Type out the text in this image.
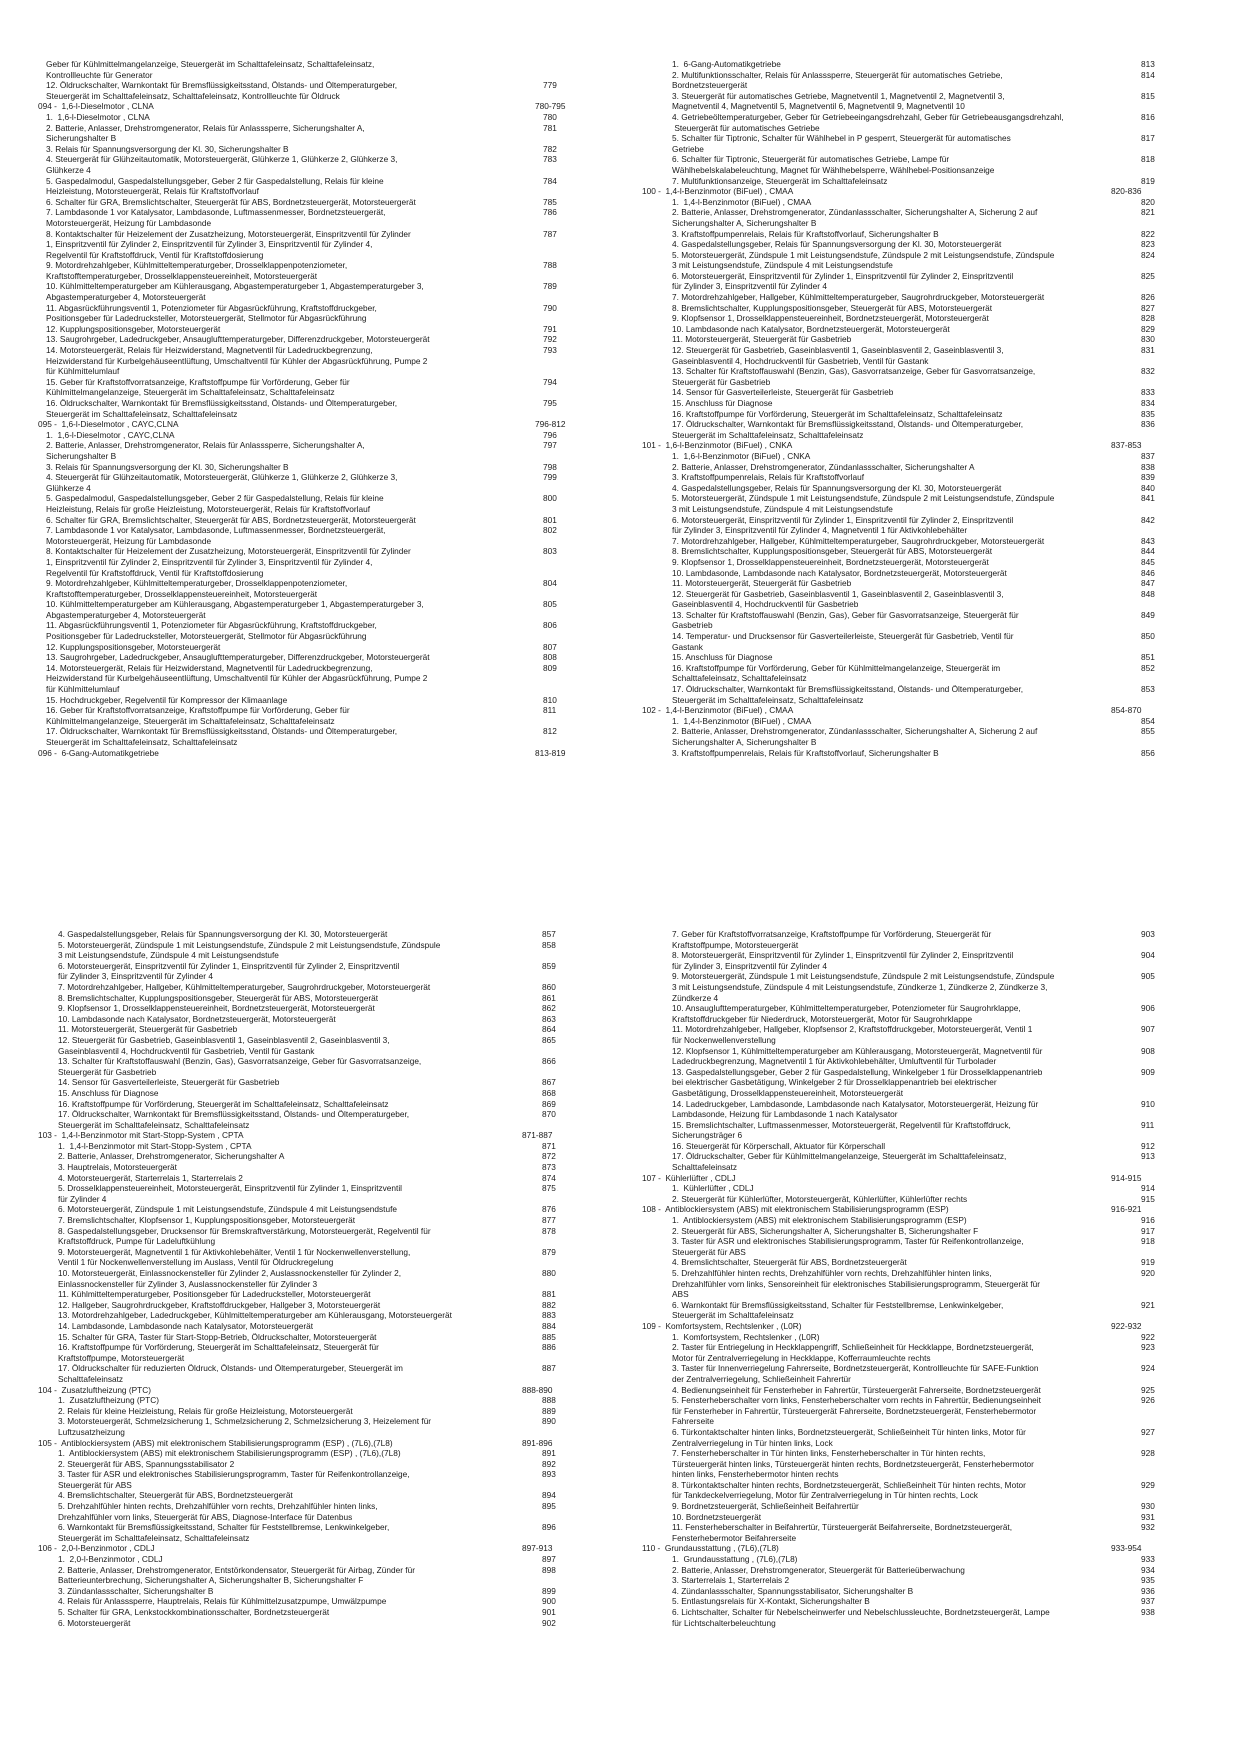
Geber für Kühlmittelmangelanzeige, Steuergerät im Schalttafeleinsatz, Schalttafeleinsatz,
Kontrollleuchte für Generator
12. Öldruckschalter, Warnkontakt für Bremsflüssigkeitsstand, Ölstands- und Öltemperaturgeber,
Steuergerät im Schalttafeleinsatz, Schalttafeleinsatz, Kontrollleuchte für Öldruck
779
094 -  1,6-l-Dieselmotor , CLNA	780-795
1.  1,6-l-Dieselmotor , CLNA	780
2. Batterie, Anlasser, Drehstromgenerator, Relais für Anlasssperre, Sicherungshalter A,
Sicherungshalter B
781
3. Relais für Spannungsversorgung der Kl. 30, Sicherungshalter B	782
4. Steuergerät für Glühzeitautomatik, Motorsteuergerät, Glühkerze 1, Glühkerze 2, Glühkerze 3,
Glühkerze 4
783
5. Gaspedalmodul, Gaspedalstellungsgeber, Geber 2 für Gaspedalstellung, Relais für kleine
Heizleistung, Motorsteuergerät, Relais für Kraftstoffvorlauf
784
6. Schalter für GRA, Bremslichtschalter, Steuergerät für ABS, Bordnetzsteuergerät, Motorsteuergerät	785
7. Lambdasonde 1 vor Katalysator, Lambdasonde, Luftmassenmesser, Bordnetzsteuergerät,
Motorsteuergerät, Heizung für Lambdasonde
786
8. Kontaktschalter für Heizelement der Zusatzheizung, Motorsteuergerät, Einspritzventil für Zylinder
1, Einspritzventil für Zylinder 2, Einspritzventil für Zylinder 3, Einspritzventil für Zylinder 4,
Regelventil für Kraftstoffdruck, Ventil für Kraftstoffdosierung
787
9. Motordrehzahlgeber, Kühlmitteltemperaturgeber, Drosselklappenpotenziometer,
Kraftstofftemperaturgeber, Drosselklappensteuereinheit, Motorsteuergerät
788
10. Kühlmitteltemperaturgeber am Kühlerausgang, Abgastemperaturgeber 1, Abgastemperaturgeber 3,
Abgastemperaturgeber 4, Motorsteuergerät
789
11. Abgasrückführungsventil 1, Potenziometer für Abgasrückführung, Kraftstoffdruckgeber,
Positionsgeber für Ladedrucksteller, Motorsteuergerät, Stellmotor für Abgasrückführung
790
12. Kupplungspositionsgeber, Motorsteuergerät	791
13. Saugrohrgeber, Ladedruckgeber, Ansauglufttemperaturgeber, Differenzdruckgeber, Motorsteuergerät	792
14. Motorsteuergerät, Relais für Heizwiderstand, Magnetventil für Ladedruckbegrenzung,
Heizwiderstand für Kurbelgehäuseentlüftung, Umschaltventil für Kühler der Abgasrückführung, Pumpe 2
für Kühlmittelumlauf
793
15. Geber für Kraftstoffvorratsanzeige, Kraftstoffpumpe für Vorförderung, Geber für
Kühlmittelmangelanzeige, Steuergerät im Schalttafeleinsatz, Schalttafeleinsatz
794
16. Öldruckschalter, Warnkontakt für Bremsflüssigkeitsstand, Ölstands- und Öltemperaturgeber,
Steuergerät im Schalttafeleinsatz, Schalttafeleinsatz
795
095 -  1,6-l-Dieselmotor , CAYC,CLNA	796-812
1.  1,6-l-Dieselmotor , CAYC,CLNA	796
2. Batterie, Anlasser, Drehstromgenerator, Relais für Anlasssperre, Sicherungshalter A,
Sicherungshalter B
797
3. Relais für Spannungsversorgung der Kl. 30, Sicherungshalter B	798
4. Steuergerät für Glühzeitautomatik, Motorsteuergerät, Glühkerze 1, Glühkerze 2, Glühkerze 3,
Glühkerze 4
799
5. Gaspedalmodul, Gaspedalstellungsgeber, Geber 2 für Gaspedalstellung, Relais für kleine
Heizleistung, Relais für große Heizleistung, Motorsteuergerät, Relais für Kraftstoffvorlauf
800
6. Schalter für GRA, Bremslichtschalter, Steuergerät für ABS, Bordnetzsteuergerät, Motorsteuergerät	801
7. Lambdasonde 1 vor Katalysator, Lambdasonde, Luftmassenmesser, Bordnetzsteuergerät,
Motorsteuergerät, Heizung für Lambdasonde
802
8. Kontaktschalter für Heizelement der Zusatzheizung, Motorsteuergerät, Einspritzventil für Zylinder
1, Einspritzventil für Zylinder 2, Einspritzventil für Zylinder 3, Einspritzventil für Zylinder 4,
Regelventil für Kraftstoffdruck, Ventil für Kraftstoffdosierung
803
9. Motordrehzahlgeber, Kühlmitteltemperaturgeber, Drosselklappenpotenziometer,
Kraftstofftemperaturgeber, Drosselklappensteuereinheit, Motorsteuergerät
804
10. Kühlmitteltemperaturgeber am Kühlerausgang, Abgastemperaturgeber 1, Abgastemperaturgeber 3,
Abgastemperaturgeber 4, Motorsteuergerät
805
11. Abgasrückführungsventil 1, Potenziometer für Abgasrückführung, Kraftstoffdruckgeber,
Positionsgeber für Ladedrucksteller, Motorsteuergerät, Stellmotor für Abgasrückführung
806
12. Kupplungspositionsgeber, Motorsteuergerät	807
13. Saugrohrgeber, Ladedruckgeber, Ansauglufttemperaturgeber, Differenzdruckgeber, Motorsteuergerät	808
14. Motorsteuergerät, Relais für Heizwiderstand, Magnetventil für Ladedruckbegrenzung,
Heizwiderstand für Kurbelgehäuseentlüftung, Umschaltventil für Kühler der Abgasrückführung, Pumpe 2
für Kühlmittelumlauf
809
15. Hochdruckgeber, Regelventil für Kompressor der Klimaanlage	810
16. Geber für Kraftstoffvorratsanzeige, Kraftstoffpumpe für Vorförderung, Geber für
Kühlmittelmangelanzeige, Steuergerät im Schalttafeleinsatz, Schalttafeleinsatz
811
17. Öldruckschalter, Warnkontakt für Bremsflüssigkeitsstand, Ölstands- und Öltemperaturgeber,
Steuergerät im Schalttafeleinsatz, Schalttafeleinsatz
812
096 -  6-Gang-Automatikgetriebe	813-819
1.  6-Gang-Automatikgetriebe	813
2. Multifunktionsschalter, Relais für Anlasssperre, Steuergerät für automatisches Getriebe,
Bordnetzsteuergerät
814
3. Steuergerät für automatisches Getriebe, Magnetventil 1, Magnetventil 2, Magnetventil 3,
Magnetventil 4, Magnetventil 5, Magnetventil 6, Magnetventil 9, Magnetventil 10
815
4. Getriebeöltemperaturgeber, Geber für Getriebeeingangsdrehzahl, Geber für Getriebeausgangsdrehzahl,
Steuergerät für automatisches Getriebe
816
5. Schalter für Tiptronic, Schalter für Wählhebel in P gesperrt, Steuergerät für automatisches
Getriebe
817
6. Schalter für Tiptronic, Steuergerät für automatisches Getriebe, Lampe für
Wählhebelskalabeleuchtung, Magnet für Wählhebelsperre, Wählhebel-Positionsanzeige
818
7. Multifunktionsanzeige, Steuergerät im Schalttafeleinsatz	819
100 -  1,4-l-Benzinmotor (BiFuel) , CMAA	820-836
1.  1,4-l-Benzinmotor (BiFuel) , CMAA	820
2. Batterie, Anlasser, Drehstromgenerator, Zündanlassschalter, Sicherungshalter A, Sicherung 2 auf
Sicherungshalter A, Sicherungshalter B
821
3. Kraftstoffpumpenrelais, Relais für Kraftstoffvorlauf, Sicherungshalter B	822
4. Gaspedalstellungsgeber, Relais für Spannungsversorgung der Kl. 30, Motorsteuergerät	823
5. Motorsteuergerät, Zündspule 1 mit Leistungsendstufe, Zündspule 2 mit Leistungsendstufe, Zündspule
3 mit Leistungsendstufe, Zündspule 4 mit Leistungsendstufe
824
6. Motorsteuergerät, Einspritzventil für Zylinder 1, Einspritzventil für Zylinder 2, Einspritzventil
für Zylinder 3, Einspritzventil für Zylinder 4
825
7. Motordrehzahlgeber, Hallgeber, Kühlmitteltemperaturgeber, Saugrohrdruckgeber, Motorsteuergerät	826
8. Bremslichtschalter, Kupplungspositionsgeber, Steuergerät für ABS, Motorsteuergerät	827
9. Klopfsensor 1, Drosselklappensteuereinheit, Bordnetzsteuergerät, Motorsteuergerät	828
10. Lambdasonde nach Katalysator, Bordnetzsteuergerät, Motorsteuergerät	829
11. Motorsteuergerät, Steuergerät für Gasbetrieb	830
12. Steuergerät für Gasbetrieb, Gaseinblasventil 1, Gaseinblasventil 2, Gaseinblasventil 3,
Gaseinblasventil 4, Hochdruckventil für Gasbetrieb, Ventil für Gastank
831
13. Schalter für Kraftstoffauswahl (Benzin, Gas), Gasvorratsanzeige, Geber für Gasvorratsanzeige,
Steuergerät für Gasbetrieb
832
14. Sensor für Gasverteilerleiste, Steuergerät für Gasbetrieb	833
15. Anschluss für Diagnose	834
16. Kraftstoffpumpe für Vorförderung, Steuergerät im Schalttafeleinsatz, Schalttafeleinsatz	835
17. Öldruckschalter, Warnkontakt für Bremsflüssigkeitsstand, Ölstands- und Öltemperaturgeber,
Steuergerät im Schalttafeleinsatz, Schalttafeleinsatz
836
101 -  1,6-l-Benzinmotor (BiFuel) , CNKA	837-853
1.  1,6-l-Benzinmotor (BiFuel) , CNKA	837
2. Batterie, Anlasser, Drehstromgenerator, Zündanlassschalter, Sicherungshalter A	838
3. Kraftstoffpumpenrelais, Relais für Kraftstoffvorlauf	839
4. Gaspedalstellungsgeber, Relais für Spannungsversorgung der Kl. 30, Motorsteuergerät	840
5. Motorsteuergerät, Zündspule 1 mit Leistungsendstufe, Zündspule 2 mit Leistungsendstufe, Zündspule
3 mit Leistungsendstufe, Zündspule 4 mit Leistungsendstufe
841
6. Motorsteuergerät, Einspritzventil für Zylinder 1, Einspritzventil für Zylinder 2, Einspritzventil
für Zylinder 3, Einspritzventil für Zylinder 4, Magnetventil 1 für Aktivkohlebehälter
842
7. Motordrehzahlgeber, Hallgeber, Kühlmitteltemperaturgeber, Saugrohrdruckgeber, Motorsteuergerät	843
8. Bremslichtschalter, Kupplungspositionsgeber, Steuergerät für ABS, Motorsteuergerät	844
9. Klopfsensor 1, Drosselklappensteuereinheit, Bordnetzsteuergerät, Motorsteuergerät	845
10. Lambdasonde, Lambdasonde nach Katalysator, Bordnetzsteuergerät, Motorsteuergerät	846
11. Motorsteuergerät, Steuergerät für Gasbetrieb	847
12. Steuergerät für Gasbetrieb, Gaseinblasventil 1, Gaseinblasventil 2, Gaseinblasventil 3,
Gaseinblasventil 4, Hochdruckventil für Gasbetrieb
848
13. Schalter für Kraftstoffauswahl (Benzin, Gas), Geber für Gasvorratsanzeige, Steuergerät für
Gasbetrieb
849
14. Temperatur- und Drucksensor für Gasverteilerleiste, Steuergerät für Gasbetrieb, Ventil für
Gastank
850
15. Anschluss für Diagnose	851
16. Kraftstoffpumpe für Vorförderung, Geber für Kühlmittelmangelanzeige, Steuergerät im
Schalttafeleinsatz, Schalttafeleinsatz
852
17. Öldruckschalter, Warnkontakt für Bremsflüssigkeitsstand, Ölstands- und Öltemperaturgeber,
Steuergerät im Schalttafeleinsatz, Schalttafeleinsatz
853
102 -  1,4-l-Benzinmotor (BiFuel) , CMAA	854-870
1.  1,4-l-Benzinmotor (BiFuel) , CMAA	854
2. Batterie, Anlasser, Drehstromgenerator, Zündanlassschalter, Sicherungshalter A, Sicherung 2 auf
Sicherungshalter A, Sicherungshalter B
855
3. Kraftstoffpumpenrelais, Relais für Kraftstoffvorlauf, Sicherungshalter B	856
4. Gaspedalstellungsgeber, Relais für Spannungsversorgung der Kl. 30, Motorsteuergerät	857
5. Motorsteuergerät, Zündspule 1 mit Leistungsendstufe, Zündspule 2 mit Leistungsendstufe, Zündspule
3 mit Leistungsendstufe, Zündspule 4 mit Leistungsendstufe
858
6. Motorsteuergerät, Einspritzventil für Zylinder 1, Einspritzventil für Zylinder 2, Einspritzventil
für Zylinder 3, Einspritzventil für Zylinder 4
859
7. Motordrehzahlgeber, Hallgeber, Kühlmitteltemperaturgeber, Saugrohrdruckgeber, Motorsteuergerät	860
8. Bremslichtschalter, Kupplungspositionsgeber, Steuergerät für ABS, Motorsteuergerät	861
9. Klopfsensor 1, Drosselklappensteuereinheit, Bordnetzsteuergerät, Motorsteuergerät	862
10. Lambdasonde nach Katalysator, Bordnetzsteuergerät, Motorsteuergerät	863
11. Motorsteuergerät, Steuergerät für Gasbetrieb	864
12. Steuergerät für Gasbetrieb, Gaseinblasventil 1, Gaseinblasventil 2, Gaseinblasventil 3,
Gaseinblasventil 4, Hochdruckventil für Gasbetrieb, Ventil für Gastank
865
13. Schalter für Kraftstoffauswahl (Benzin, Gas), Gasvorratsanzeige, Geber für Gasvorratsanzeige,
Steuergerät für Gasbetrieb
866
14. Sensor für Gasverteilerleiste, Steuergerät für Gasbetrieb	867
15. Anschluss für Diagnose	868
16. Kraftstoffpumpe für Vorförderung, Steuergerät im Schalttafeleinsatz, Schalttafeleinsatz	869
17. Öldruckschalter, Warnkontakt für Bremsflüssigkeitsstand, Ölstands- und Öltemperaturgeber,
Steuergerät im Schalttafeleinsatz, Schalttafeleinsatz
870
103 -  1,4-l-Benzinmotor mit Start-Stopp-System , CPTA	871-887
1.  1,4-l-Benzinmotor mit Start-Stopp-System , CPTA	871
2. Batterie, Anlasser, Drehstromgenerator, Sicherungshalter A	872
3. Hauptrelais, Motorsteuergerät	873
4. Motorsteuergerät, Starterrelais 1, Starterrelais 2	874
5. Drosselklappensteuereinheit, Motorsteuergerät, Einspritzventil für Zylinder 1, Einspritzventil
für Zylinder 4
875
6. Motorsteuergerät, Zündspule 1 mit Leistungsendstufe, Zündspule 4 mit Leistungsendstufe	876
7. Bremslichtschalter, Klopfsensor 1, Kupplungspositionsgeber, Motorsteuergerät	877
8. Gaspedalstellungsgeber, Drucksensor für Bremskraftverstärkung, Motorsteuergerät, Regelventil für
Kraftstoffdruck, Pumpe für Ladeluftkühlung
878
9. Motorsteuergerät, Magnetventil 1 für Aktivkohlebehälter, Ventil 1 für Nockenwellenverstellung,
Ventil 1 für Nockenwellenverstellung im Auslass, Ventil für Öldruckregelung
879
10. Motorsteuergerät, Einlassnockensteller für Zylinder 2, Auslassnockensteller für Zylinder 2,
Einlassnockensteller für Zylinder 3, Auslassnockensteller für Zylinder 3
880
11. Kühlmitteltemperaturgeber, Positionsgeber für Ladedrucksteller, Motorsteuergerät	881
12. Hallgeber, Saugrohrdruckgeber, Kraftstoffdruckgeber, Hallgeber 3, Motorsteuergerät	882
13. Motordrehzahlgeber, Ladedruckgeber, Kühlmitteltemperaturgeber am Kühlerausgang, Motorsteuergerät	883
14. Lambdasonde, Lambdasonde nach Katalysator, Motorsteuergerät	884
15. Schalter für GRA, Taster für Start-Stopp-Betrieb, Öldruckschalter, Motorsteuergerät	885
16. Kraftstoffpumpe für Vorförderung, Steuergerät im Schalttafeleinsatz, Steuergerät für
Kraftstoffpumpe, Motorsteuergerät
886
17. Öldruckschalter für reduzierten Öldruck, Ölstands- und Öltemperaturgeber, Steuergerät im
Schalttafeleinsatz
887
104 -  Zusatzluftheizung (PTC)	888-890
1.  Zusatzluftheizung (PTC)	888
2. Relais für kleine Heizleistung, Relais für große Heizleistung, Motorsteuergerät	889
3. Motorsteuergerät, Schmelzsicherung 1, Schmelzsicherung 2, Schmelzsicherung 3, Heizelement für
Luftzusatzheizung
890
105 -  Antiblockiersystem (ABS) mit elektronischem Stabilisierungsprogramm (ESP) , (7L6),(7L8)	891-896
1.  Antiblockiersystem (ABS) mit elektronischem Stabilisierungsprogramm (ESP) , (7L6),(7L8)	891
2. Steuergerät für ABS, Spannungsstabilisator 2	892
3. Taster für ASR und elektronisches Stabilisierungsprogramm, Taster für Reifenkontrollanzeige,
Steuergerät für ABS
893
4. Bremslichtschalter, Steuergerät für ABS, Bordnetzsteuergerät	894
5. Drehzahlfühler hinten rechts, Drehzahlfühler vorn rechts, Drehzahlfühler hinten links,
Drehzahlfühler vorn links, Steuergerät für ABS, Diagnose-Interface für Datenbus
895
6. Warnkontakt für Bremsflüssigkeitsstand, Schalter für Feststellbremse, Lenkwinkelgeber,
Steuergerät im Schalttafeleinsatz, Schalttafeleinsatz
896
106 -  2,0-l-Benzinmotor , CDLJ	897-913
1.  2,0-l-Benzinmotor , CDLJ	897
2. Batterie, Anlasser, Drehstromgenerator, Entstörkondensator, Steuergerät für Airbag, Zünder für
Batterieunterbrechung, Sicherungshalter A, Sicherungshalter B, Sicherungshalter F
898
3. Zündanlassschalter, Sicherungshalter B	899
4. Relais für Anlasssperre, Hauptrelais, Relais für Kühlmittelzusatzpumpe, Umwälzpumpe	900
5. Schalter für GRA, Lenkstockkombinationsschalter, Bordnetzsteuergerät	901
6. Motorsteuergerät	902
7. Geber für Kraftstoffvorratsanzeige, Kraftstoffpumpe für Vorförderung, Steuergerät für
Kraftstoffpumpe, Motorsteuergerät
903
8. Motorsteuergerät, Einspritzventil für Zylinder 1, Einspritzventil für Zylinder 2, Einspritzventil
für Zylinder 3, Einspritzventil für Zylinder 4
904
9. Motorsteuergerät, Zündspule 1 mit Leistungsendstufe, Zündspule 2 mit Leistungsendstufe, Zündspule
3 mit Leistungsendstufe, Zündspule 4 mit Leistungsendstufe, Zündkerze 1, Zündkerze 2, Zündkerze 3,
Zündkerze 4
905
10. Ansauglufttemperaturgeber, Kühlmitteltemperaturgeber, Potenziometer für Saugrohrklappe,
Kraftstoffdruckgeber für Niederdruck, Motorsteuergerät, Motor für Saugrohrklappe
906
11. Motordrehzahlgeber, Hallgeber, Klopfsensor 2, Kraftstoffdruckgeber, Motorsteuergerät, Ventil 1
für Nockenwellenverstellung
907
12. Klopfsensor 1, Kühlmitteltemperaturgeber am Kühlerausgang, Motorsteuergerät, Magnetventil für
Ladedruckbegrenzung, Magnetventil 1 für Aktivkohlebehälter, Umluftventil für Turbolader
908
13. Gaspedalstellungsgeber, Geber 2 für Gaspedalstellung, Winkelgeber 1 für Drosselklappenantrieb
bei elektrischer Gasbetätigung, Winkelgeber 2 für Drosselklappenantrieb bei elektrischer
Gasbetätigung, Drosselklappensteuereinheit, Motorsteuergerät
909
14. Ladedruckgeber, Lambdasonde, Lambdasonde nach Katalysator, Motorsteuergerät, Heizung für
Lambdasonde, Heizung für Lambdasonde 1 nach Katalysator
910
15. Bremslichtschalter, Luftmassenmesser, Motorsteuergerät, Regelventil für Kraftstoffdruck,
Sicherungsträger 6
911
16. Steuergerät für Körperschall, Aktuator für Körperschall	912
17. Öldruckschalter, Geber für Kühlmittelmangelanzeige, Steuergerät im Schalttafeleinsatz,
Schalttafeleinsatz
913
107 -  Kühlerlüfter , CDLJ	914-915
1.  Kühlerlüfter , CDLJ	914
2. Steuergerät für Kühlerlüfter, Motorsteuergerät, Kühlerlüfter, Kühlerlüfter rechts	915
108 -  Antiblockiersystem (ABS) mit elektronischem Stabilisierungsprogramm (ESP)	916-921
1.  Antiblockiersystem (ABS) mit elektronischem Stabilisierungsprogramm (ESP)	916
2. Steuergerät für ABS, Sicherungshalter A, Sicherungshalter B, Sicherungshalter F	917
3. Taster für ASR und elektronisches Stabilisierungsprogramm, Taster für Reifenkontrollanzeige,
Steuergerät für ABS
918
4. Bremslichtschalter, Steuergerät für ABS, Bordnetzsteuergerät	919
5. Drehzahlfühler hinten rechts, Drehzahlfühler vorn rechts, Drehzahlfühler hinten links,
Drehzahlfühler vorn links, Sensoreinheit für elektronisches Stabilisierungsprogramm, Steuergerät für
ABS
920
6. Warnkontakt für Bremsflüssigkeitsstand, Schalter für Feststellbremse, Lenkwinkelgeber,
Steuergerät im Schalttafeleinsatz
921
109 -  Komfortsystem, Rechtslenker , (L0R)	922-932
1.  Komfortsystem, Rechtslenker , (L0R)	922
2. Taster für Entriegelung in Heckklappengriff, Schließeinheit für Heckklappe, Bordnetzsteuergerät,
Motor für Zentralverriegelung in Heckklappe, Kofferraumleuchte rechts
923
3. Taster für Innenverriegelung Fahrerseite, Bordnetzsteuergerät, Kontrollleuchte für SAFE-Funktion
der Zentralverriegelung, Schließeinheit Fahrertür
924
4. Bedienungseinheit für Fensterheber in Fahrertür, Türsteuergerät Fahrerseite, Bordnetzsteuergerät	925
5. Fensterheberschalter vorn links, Fensterheberschalter vorn rechts in Fahrertür, Bedienungseinheit
für Fensterheber in Fahrertür, Türsteuergerät Fahrerseite, Bordnetzsteuergerät, Fensterhebermotor
Fahrerseite
926
6. Türkontaktschalter hinten links, Bordnetzsteuergerät, Schließeinheit Tür hinten links, Motor für
Zentralverriegelung in Tür hinten links, Lock
927
7. Fensterheberschalter in Tür hinten links, Fensterheberschalter in Tür hinten rechts,
Türsteuergerät hinten links, Türsteuergerät hinten rechts, Bordnetzsteuergerät, Fensterhebermotor
hinten links, Fensterhebermotor hinten rechts
928
8. Türkontaktschalter hinten rechts, Bordnetzsteuergerät, Schließeinheit Tür hinten rechts, Motor
für Tankdeckelverriegelung, Motor für Zentralverriegelung in Tür hinten rechts, Lock
929
9. Bordnetzsteuergerät, Schließeinheit Beifahrertür	930
10. Bordnetzsteuergerät	931
11. Fensterheberschalter in Beifahrertür, Türsteuergerät Beifahrerseite, Bordnetzsteuergerät,
Fensterhebermotor Beifahrerseite
932
110 -  Grundausstattung , (7L6),(7L8)	933-954
1.  Grundausstattung , (7L6),(7L8)	933
2. Batterie, Anlasser, Drehstromgenerator, Steuergerät für Batterieüberwachung	934
3. Starterrelais 1, Starterrelais 2	935
4. Zündanlassschalter, Spannungsstabilisator, Sicherungshalter B	936
5. Entlastungsrelais für X-Kontakt, Sicherungshalter B	937
6. Lichtschalter, Schalter für Nebelscheinwerfer und Nebelschlussleuchte, Bordnetzsteuergerät, Lampe
für Lichtschalterbeleuchtung
938
